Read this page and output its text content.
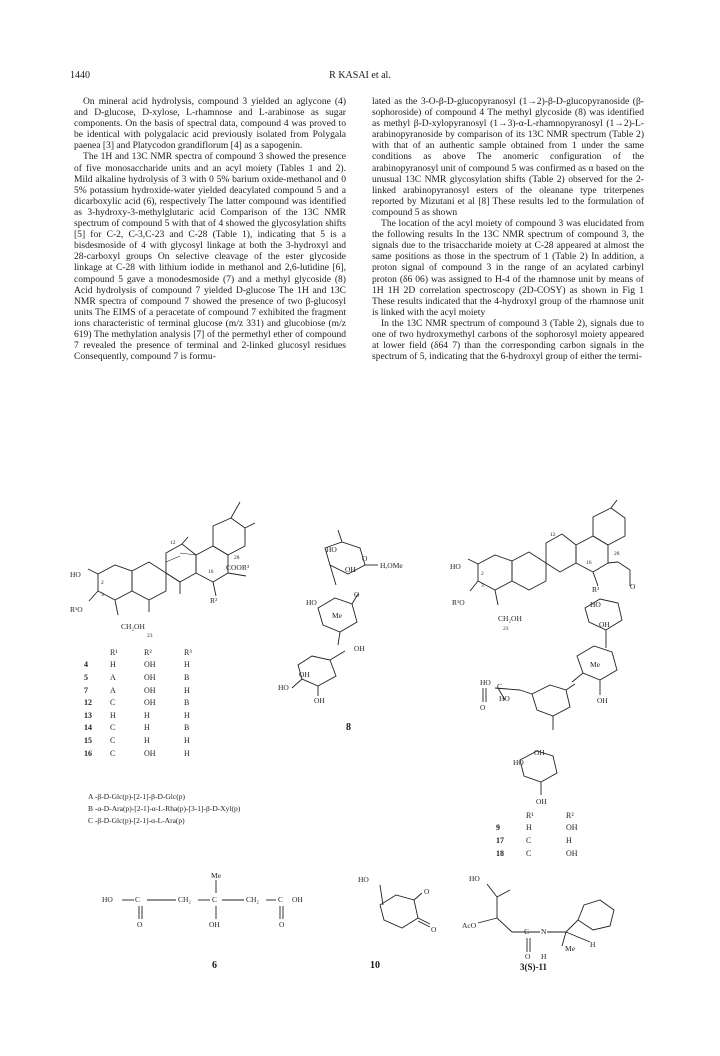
1440	R KASAI et al.

On mineral acid hydrolysis, compound 3 yielded an aglycone (4) and D-glucose, D-xylose, L-rhamnose and L-arabinose as sugar components. On the basis of spectral data, compound 4 was proved to be identical with polygalacic acid previously isolated from Polygala paenea [3] and Platycodon grandiflorum [4] as a sapogenin.

The 1H and 13C NMR spectra of compound 3 showed the presence of five monosaccharide units and an acyl moiety (Tables 1 and 2). Mild alkaline hydrolysis of 3 with 0 5% barium oxide-methanol and 0 5% potassium hydroxide-water yielded deacylated compound 5 and a dicarboxylic acid (6), respectively The latter compound was identified as 3-hydroxy-3-methylglutaric acid Comparison of the 13C NMR spectrum of compound 5 with that of 4 showed the glycosylation shifts [5] for C-2, C-3,C-23 and C-28 (Table 1), indicating that 5 is a bisdesmoside of 4 with glycosyl linkage at both the 3-hydroxyl and 28-carboxyl groups On selective cleavage of the ester glycoside linkage at C-28 with lithium iodide in methanol and 2,6-lutidine [6], compound 5 gave a monodesmoside (7) and a methyl glycoside (8) Acid hydrolysis of compound 7 yielded D-glucose The 1H and 13C NMR spectra of compound 7 showed the presence of two β-glucosyl units The EIMS of a peracetate of compound 7 exhibited the fragment ions characteristic of terminal glucose (m/z 331) and glucobiose (m/z 619) The methylation analysis [7] of the permethyl ether of compound 7 revealed the presence of terminal and 2-linked glucosyl residues Consequently, compound 7 is formu-

lated as the 3-O-β-D-glucopyranosyl (1→2)-β-D-glucopyranoside (β-sophoroside) of compound 4 The methyl glycoside (8) was identified as methyl β-D-xylopyranosyl (1→3)-α-L-rhamnopyranosyl (1→2)-L-arabinopyranoside by comparison of its 13C NMR spectrum (Table 2) with that of an authentic sample obtained from 1 under the same conditions as above The anomeric configuration of the arabinopyranosyl unit of compound 5 was confirmed as α based on the unusual 13C NMR glycosylation shifts (Table 2) observed for the 2-linked arabinopyranosyl esters of the oleanane type triterpenes reported by Mizutani et al [8] These results led to the formulation of compound 5 as shown

The location of the acyl moiety of compound 3 was elucidated from the following results In the 13C NMR spectrum of compound 3, the signals due to the trisaccharide moiety at C-28 appeared at almost the same positions as those in the spectrum of 1 (Table 2) In addition, a proton signal of compound 3 in the range of an acylated carbinyl proton (δ6 06) was assigned to H-4 of the rhamnose unit by means of 1H 1H 2D correlation spectroscopy (2D-COSY) as shown in Fig 1 These results indicated that the 4-hydroxyl group of the rhamnose unit is linked with the acyl moiety

In the 13C NMR spectrum of compound 3 (Table 2), signals due to one of two hydroxymethyl carbons of the sophorosyl moiety appeared at lower field (δ64 7) than the corresponding carbon signals in the spectrum of 5, indicating that the 6-hydroxyl group of either the termi-

HO
R¹O
COOR³
R²
CH₂OH
2
3
12
16
23
28
	R¹	R²	R³
4	H	OH	H
5	A	OH	B
7	A	OH	H
12	C	OH	B
13	H	H	H
14	C	H	B
15	C	H	H
16	C	OH	H
A -β-D-Glc(p)-[2-1]-β-D-Glc(p)
B -α-D-Ara(p)-[2-1]-α-L-Rha(p)-[3-1]-β-D-Xyl(p)
C -β-D-Glc(p)-[2-1]-α-L-Ara(p)
HO
OH	H,OMe
HO
Me
O
O
OH
OH
HO
OH
8
HO
R¹O
2
3
12
16
23
28
R²
CH₂OH
O
HO
OH
Me
HO C
HO
O
OH
OH
HO
OH
	R¹	R²
9	H	OH
17	C	H
18	C	OH
Me
HO	C	CH₂	C	CH₂	C OH
O	OH	O
6
HO
O
O
10
HO
AcO
C N
O H
Me H
3(S)-11
